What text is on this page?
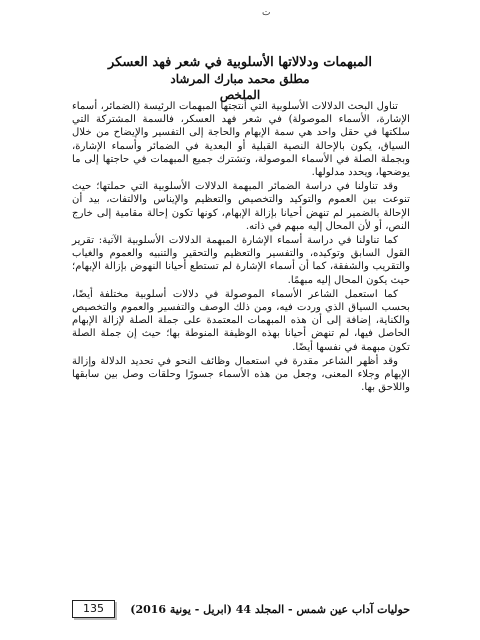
ت
المبهمات ودلالاتها الأسلوبية في شعر فهد العسكر
مطلق محمد مبارك المرشاد
الملخص

تناول البحث الدلالات الأسلوبية التي أنتجتها المبهمات الرئيسة (الضمائر، أسماء الإشارة، الأسماء الموصولة) في شعر فهد العسكر، فالسمة المشتركة التي سلكتها في حقل واحد هي سمة الإبهام والحاجة إلى التفسير والإيضاح من خلال السياق، يكون بالإحالة النصية القبلية أو البعدية في الضمائر وأسماء الإشارة، وبجملة الصلة في الأسماء الموصولة، وتشترك جميع المبهمات في حاجتها إلى ما يوضحها، ويحدد مدلولها.

وقد تناولنا في دراسة الضمائر المبهمة الدلالات الأسلوبية التي حملتها؛ حيث تنوعت بين العموم والتوكيد والتخصيص والتعظيم والإيناس والالتفات، بيد أن الإحالة بالضمير لم تنهض أحيانا بإزالة الإبهام، كونها تكون إحالة مقامية إلى خارج النص، أو لأن المحال إليه مبهم في ذاته.

كما تناولنا في دراسة أسماء الإشارة المبهمة الدلالات الأسلوبية الآتية: تقرير القول السابق وتوكيده، والتفسير والتعظيم والتحقير والتنبيه والعموم والغياب والتقريب والشفقة، كما أن أسماء الإشارة لم تستطع أحيانا النهوض بإزالة الإبهام؛ حيث يكون المحال إليه مبهمًا.

كما استعمل الشاعر الأسماء الموصولة في دلالات أسلوبية مختلفة أيضًا، بحسب السياق الذي وردت فيه، ومن ذلك الوصف والتفسير والعموم والتخصيص والكناية، إضافة إلى أن هذه المبهمات المعتمدة على جملة الصلة لإزالة الإبهام الحاصل فيها، لم تنهض أحيانا بهذه الوظيفة المنوطة بها؛ حيث إن جملة الصلة تكون مبهمة في نفسها أيضًا.

وقد أظهر الشاعر مقدرة في استعمال وظائف النحو في تحديد الدلالة وإزالة الإبهام وجلاء المعنى، وجعل من هذه الأسماء جسورًا وحلقات وصل بين سابقها واللاحق بها.

135	حوليات آداب عين شمس - المجلد 44 (ابريل - يونية 2016)
